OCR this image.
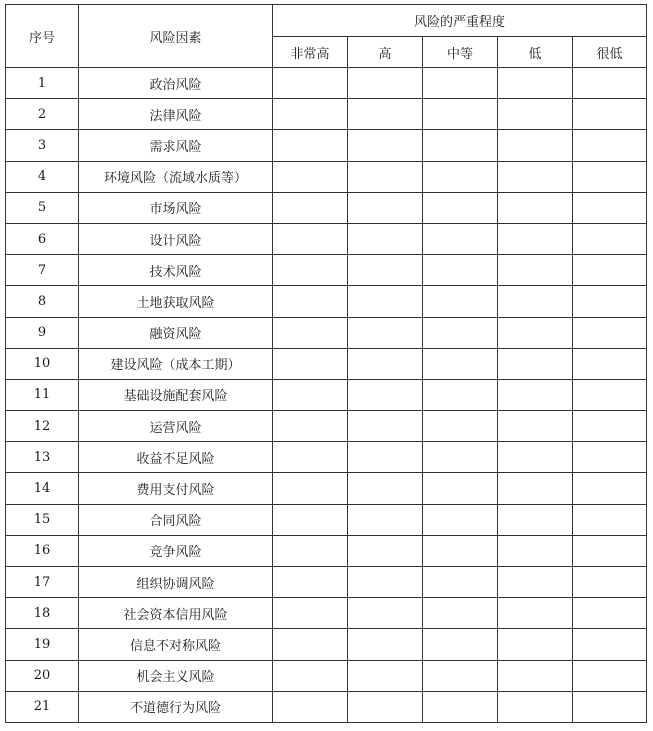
序号	风险因素	风险的严重程度				
		非常高	高	中等	低	很低
1	政治风险					
2	法律风险					
3	需求风险					
4	环境风险（流域水质等）					
5	市场风险					
6	设计风险					
7	技术风险					
8	土地获取风险					
9	融资风险					
10	建设风险（成本工期）					
11	基础设施配套风险					
12	运营风险					
13	收益不足风险					
14	费用支付风险					
15	合同风险					
16	竞争风险					
17	组织协调风险					
18	社会资本信用风险					
19	信息不对称风险					
20	机会主义风险					
21	不道德行为风险					
